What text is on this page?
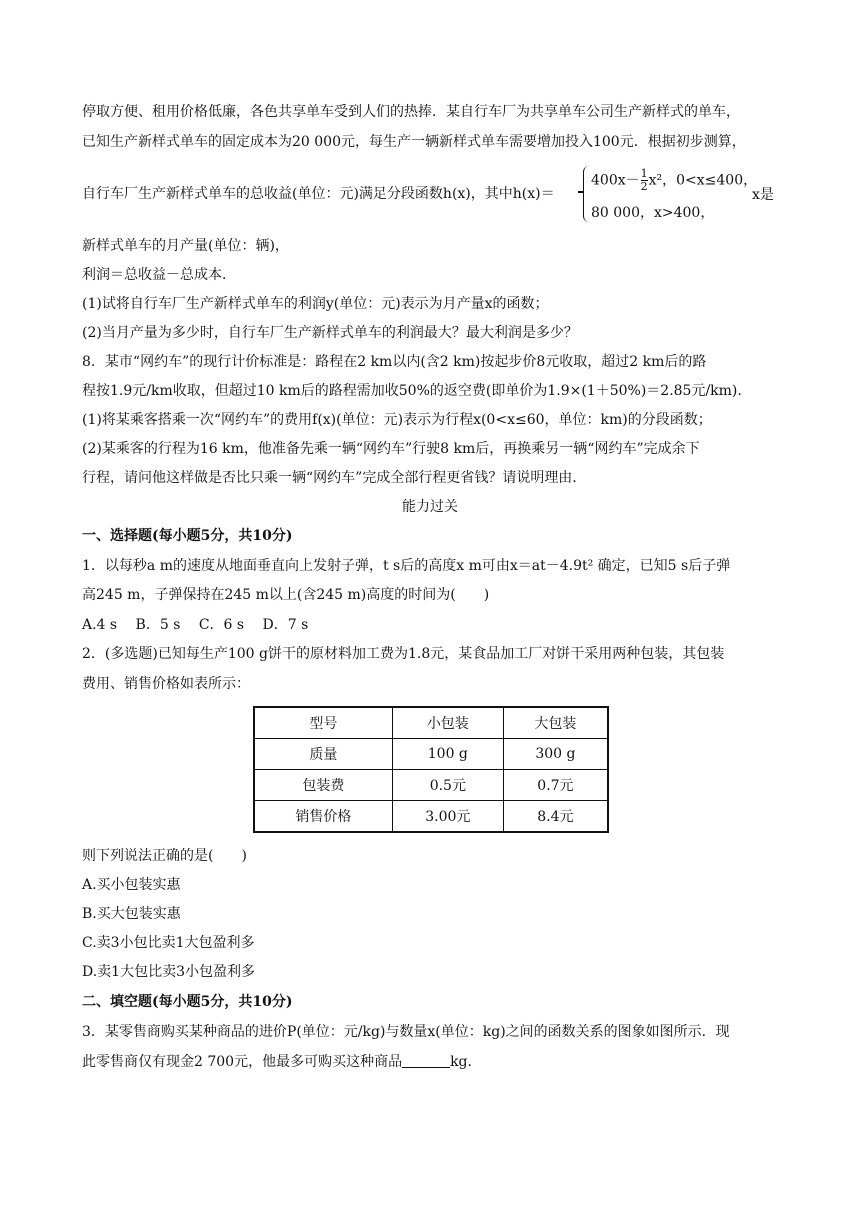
停取方便、租用价格低廉，各色共享单车受到人们的热捧．某自行车厂为共享单车公司生产新样式的单车，
已知生产新样式单车的固定成本为20 000元，每生产一辆新样式单车需要增加投入100元．根据初步测算，
自行车厂生产新样式单车的总收益(单位：元)满足分段函数h(x)，其中h(x)＝
$400x- \frac{1}{2} x^2$，0<x≤400，
80 000，x>400，
x是
新样式单车的月产量(单位：辆)，
利润＝总收益－总成本．
(1)试将自行车厂生产新样式单车的利润y(单位：元)表示为月产量x的函数；
(2)当月产量为多少时，自行车厂生产新样式单车的利润最大？最大利润是多少？
8．某市“网约车”的现行计价标准是：路程在2 km以内(含2 km)按起步价8元收取，超过2 km后的路
程按1.9元/km收取，但超过10 km后的路程需加收50%的返空费(即单价为1.9×(1＋50%)＝2.85元/km).
(1)将某乘客搭乘一次“网约车”的费用f(x)(单位：元)表示为行程x(0<x≤60，单位：km)的分段函数；
(2)某乘客的行程为16 km，他准备先乘一辆“网约车”行驶8 km后，再换乘另一辆“网约车”完成余下
行程，请问他这样做是否比只乘一辆“网约车”完成全部行程更省钱？请说明理由．
能力过关
一、选择题(每小题5分，共10分)
1．以每秒a m的速度从地面垂直向上发射子弹，t s后的高度x m可由x＝at－4.9t² 确定，已知5 s后子弹
高245 m，子弹保持在245 m以上(含245 m)高度的时间为(　　)
A.4 s　 B．5 s　 C．6 s　 D．7 s
2．(多选题)已知每生产100 g饼干的原材料加工费为1.8元，某食品加工厂对饼干采用两种包装，其包装
费用、销售价格如表所示：
型号	小包装	大包装
质量	100 g	300 g
包装费	0.5元	0.7元
销售价格	3.00元	8.4元
则下列说法正确的是(　　)
A.买小包装实惠
B.买大包装实惠
C.卖3小包比卖1大包盈利多
D.卖1大包比卖3小包盈利多
二、填空题(每小题5分，共10分)
3．某零售商购买某种商品的进价P(单位：元/kg)与数量x(单位：kg)之间的函数关系的图象如图所示．现
此零售商仅有现金2 700元，他最多可购买这种商品	kg.
